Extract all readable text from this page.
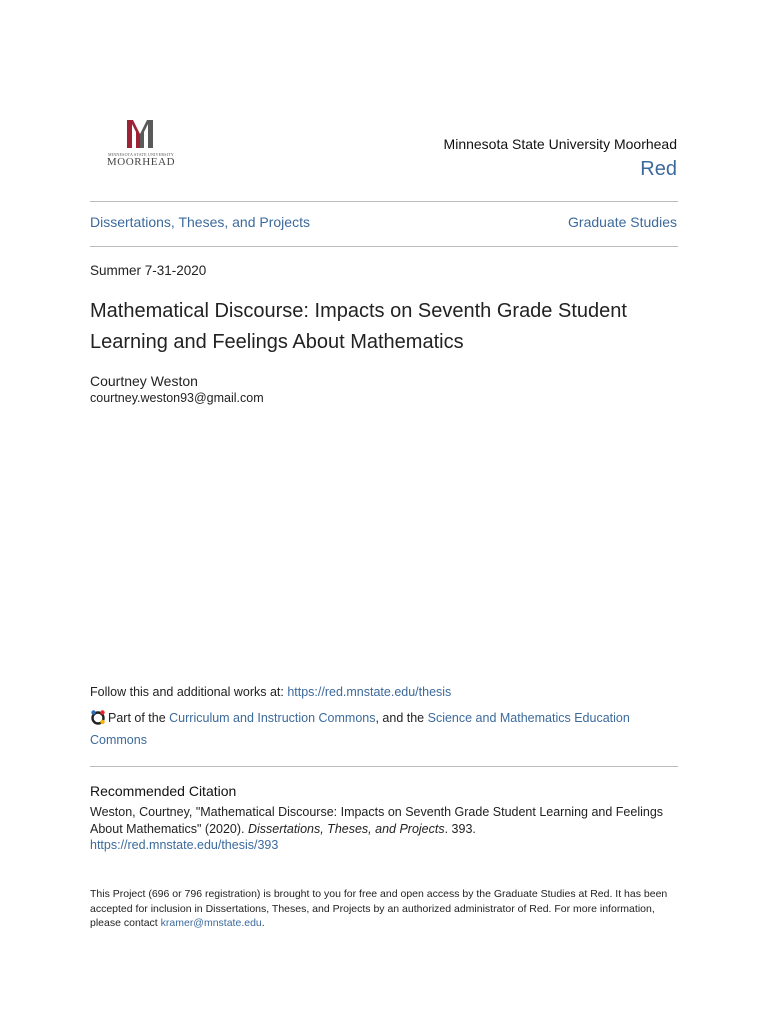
MINNESOTA STATE UNIVERSITY
MOORHEAD
Minnesota State University Moorhead
Red
Dissertations, Theses, and Projects	Graduate Studies
Summer 7-31-2020
Mathematical Discourse: Impacts on Seventh Grade Student Learning and Feelings About Mathematics
Courtney Weston
courtney.weston93@gmail.com
Follow this and additional works at: https://red.mnstate.edu/thesis
Part of the Curriculum and Instruction Commons, and the Science and Mathematics Education Commons
Recommended Citation
Weston, Courtney, "Mathematical Discourse: Impacts on Seventh Grade Student Learning and Feelings About Mathematics" (2020). Dissertations, Theses, and Projects. 393.
https://red.mnstate.edu/thesis/393
This Project (696 or 796 registration) is brought to you for free and open access by the Graduate Studies at Red. It has been accepted for inclusion in Dissertations, Theses, and Projects by an authorized administrator of Red. For more information, please contact kramer@mnstate.edu.
